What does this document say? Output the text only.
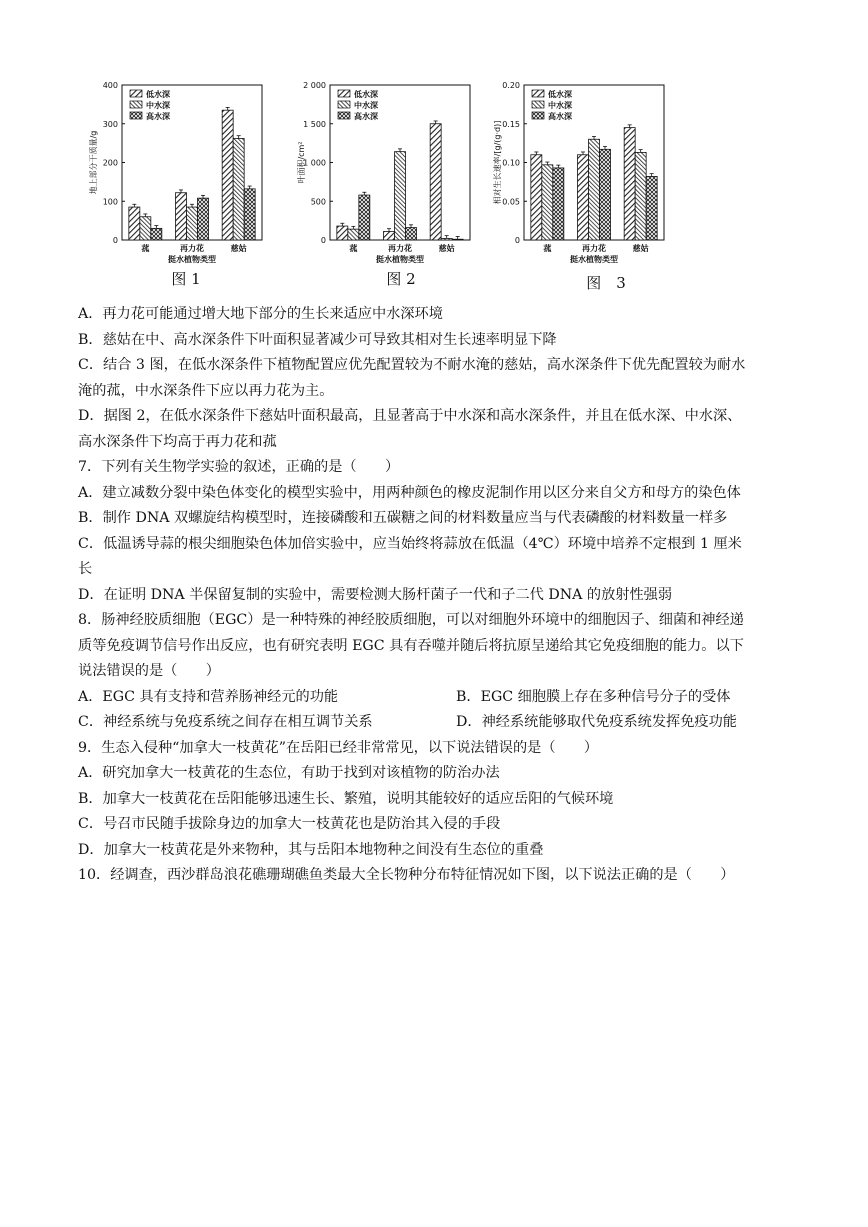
0
100
200
300
400
地上部分干质量/g
菰	再力花	慈姑
挺水植物类型
低水深
中水深
高水深
0
500
1 000
1 500
2 000
叶面积/cm²
菰	再力花	慈姑
挺水植物类型
低水深
中水深
高水深
0
0.05
0.10
0.15
0.20
相对生长速率/[g/(g·d)]
菰	再力花	慈姑
挺水植物类型
低水深
中水深
高水深
图 1	图 2	图　3
A．再力花可能通过增大地下部分的生长来适应中水深环境
B．慈姑在中、高水深条件下叶面积显著减少可导致其相对生长速率明显下降
C．结合 3 图，在低水深条件下植物配置应优先配置较为不耐水淹的慈姑，高水深条件下优先配置较为耐水
淹的菰，中水深条件下应以再力花为主。
D．据图 2，在低水深条件下慈姑叶面积最高，且显著高于中水深和高水深条件，并且在低水深、中水深、
高水深条件下均高于再力花和菰
7．下列有关生物学实验的叙述，正确的是（　　）
A．建立减数分裂中染色体变化的模型实验中，用两种颜色的橡皮泥制作用以区分来自父方和母方的染色体
B．制作 DNA 双螺旋结构模型时，连接磷酸和五碳糖之间的材料数量应当与代表磷酸的材料数量一样多
C．低温诱导蒜的根尖细胞染色体加倍实验中，应当始终将蒜放在低温（4℃）环境中培养不定根到 1 厘米
长
D．在证明 DNA 半保留复制的实验中，需要检测大肠杆菌子一代和子二代 DNA 的放射性强弱
8．肠神经胶质细胞（EGC）是一种特殊的神经胶质细胞，可以对细胞外环境中的细胞因子、细菌和神经递
质等免疫调节信号作出反应，也有研究表明 EGC 具有吞噬并随后将抗原呈递给其它免疫细胞的能力。以下
说法错误的是（　　）
A．EGC 具有支持和营养肠神经元的功能	B．EGC 细胞膜上存在多种信号分子的受体
C．神经系统与免疫系统之间存在相互调节关系	D．神经系统能够取代免疫系统发挥免疫功能
9．生态入侵种“加拿大一枝黄花”在岳阳已经非常常见，以下说法错误的是（　　）
A．研究加拿大一枝黄花的生态位，有助于找到对该植物的防治办法
B．加拿大一枝黄花在岳阳能够迅速生长、繁殖，说明其能较好的适应岳阳的气候环境
C．号召市民随手拔除身边的加拿大一枝黄花也是防治其入侵的手段
D．加拿大一枝黄花是外来物种，其与岳阳本地物种之间没有生态位的重叠
10．经调查，西沙群岛浪花礁珊瑚礁鱼类最大全长物种分布特征情况如下图，以下说法正确的是（　　）
